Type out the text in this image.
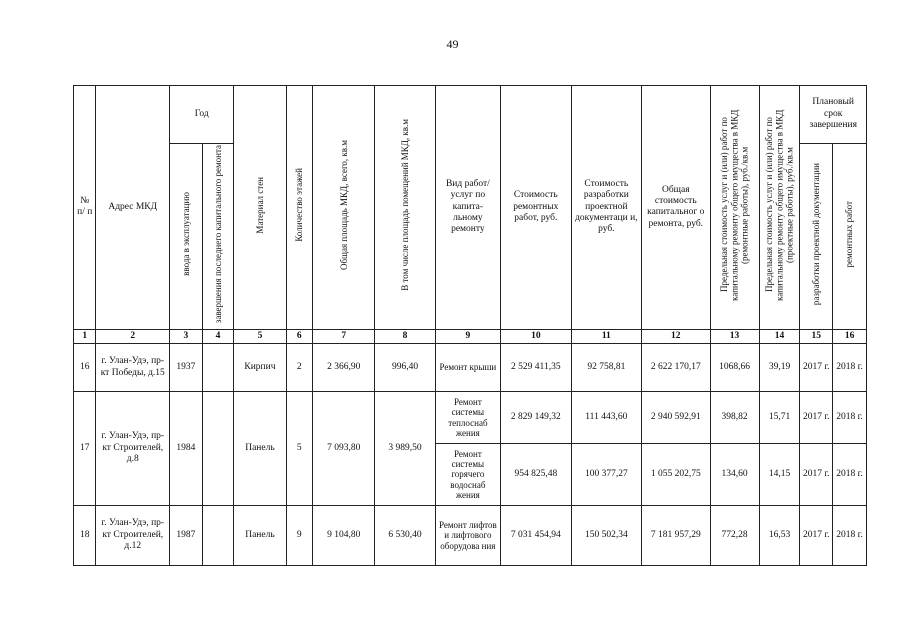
49
№ п/ п	Адрес МКД	Год		Материал стен	Количество этажей	Общая площадь МКД, всего, кв.м	В том числе площадь помещений МКД, кв.м	Вид работ/ услуг по капита- льному ремонту	Стоимость ремонтных работ, руб.	Стоимость разработки проектной документаци и, руб.	Общая стоимость капитальног о ремонта, руб.	Предельная стоимость услуг и (или) работ по капитальному ремонту общего имущества в МКД (ремонтные работы), руб./кв.м	Предельная стоимость услуг и (или) работ по капитальному ремонту общего имущества в МКД (проектные работы), руб./кв.м	Плановый срок завершения	
		ввода в эксплуатацию	завершения последнего капитального ремонта											разработки проектной документации	ремонтных работ
1	2	3	4	5	6	7	8	9	10	11	12	13	14	15	16
16	г. Улан-Удэ, пр-кт Победы, д.15	1937		Кирпич	2	2 366,90	996,40	Ремонт крыши	2 529 411,35	92 758,81	2 622 170,17	1068,66	39,19	2017 г.	2018 г.
17	г. Улан-Удэ, пр-кт Строителей, д.8	1984		Панель	5	7 093,80	3 989,50	Ремонт системы теплоснаб жения	2 829 149,32	111 443,60	2 940 592,91	398,82	15,71	2017 г.	2018 г.
								Ремонт системы горячего водоснаб жения	954 825,48	100 377,27	1 055 202,75	134,60	14,15	2017 г.	2018 г.
18	г. Улан-Удэ, пр-кт Строителей, д.12	1987		Панель	9	9 104,80	6 530,40	Ремонт лифтов и лифтового оборудова ния	7 031 454,94	150 502,34	7 181 957,29	772,28	16,53	2017 г.	2018 г.
